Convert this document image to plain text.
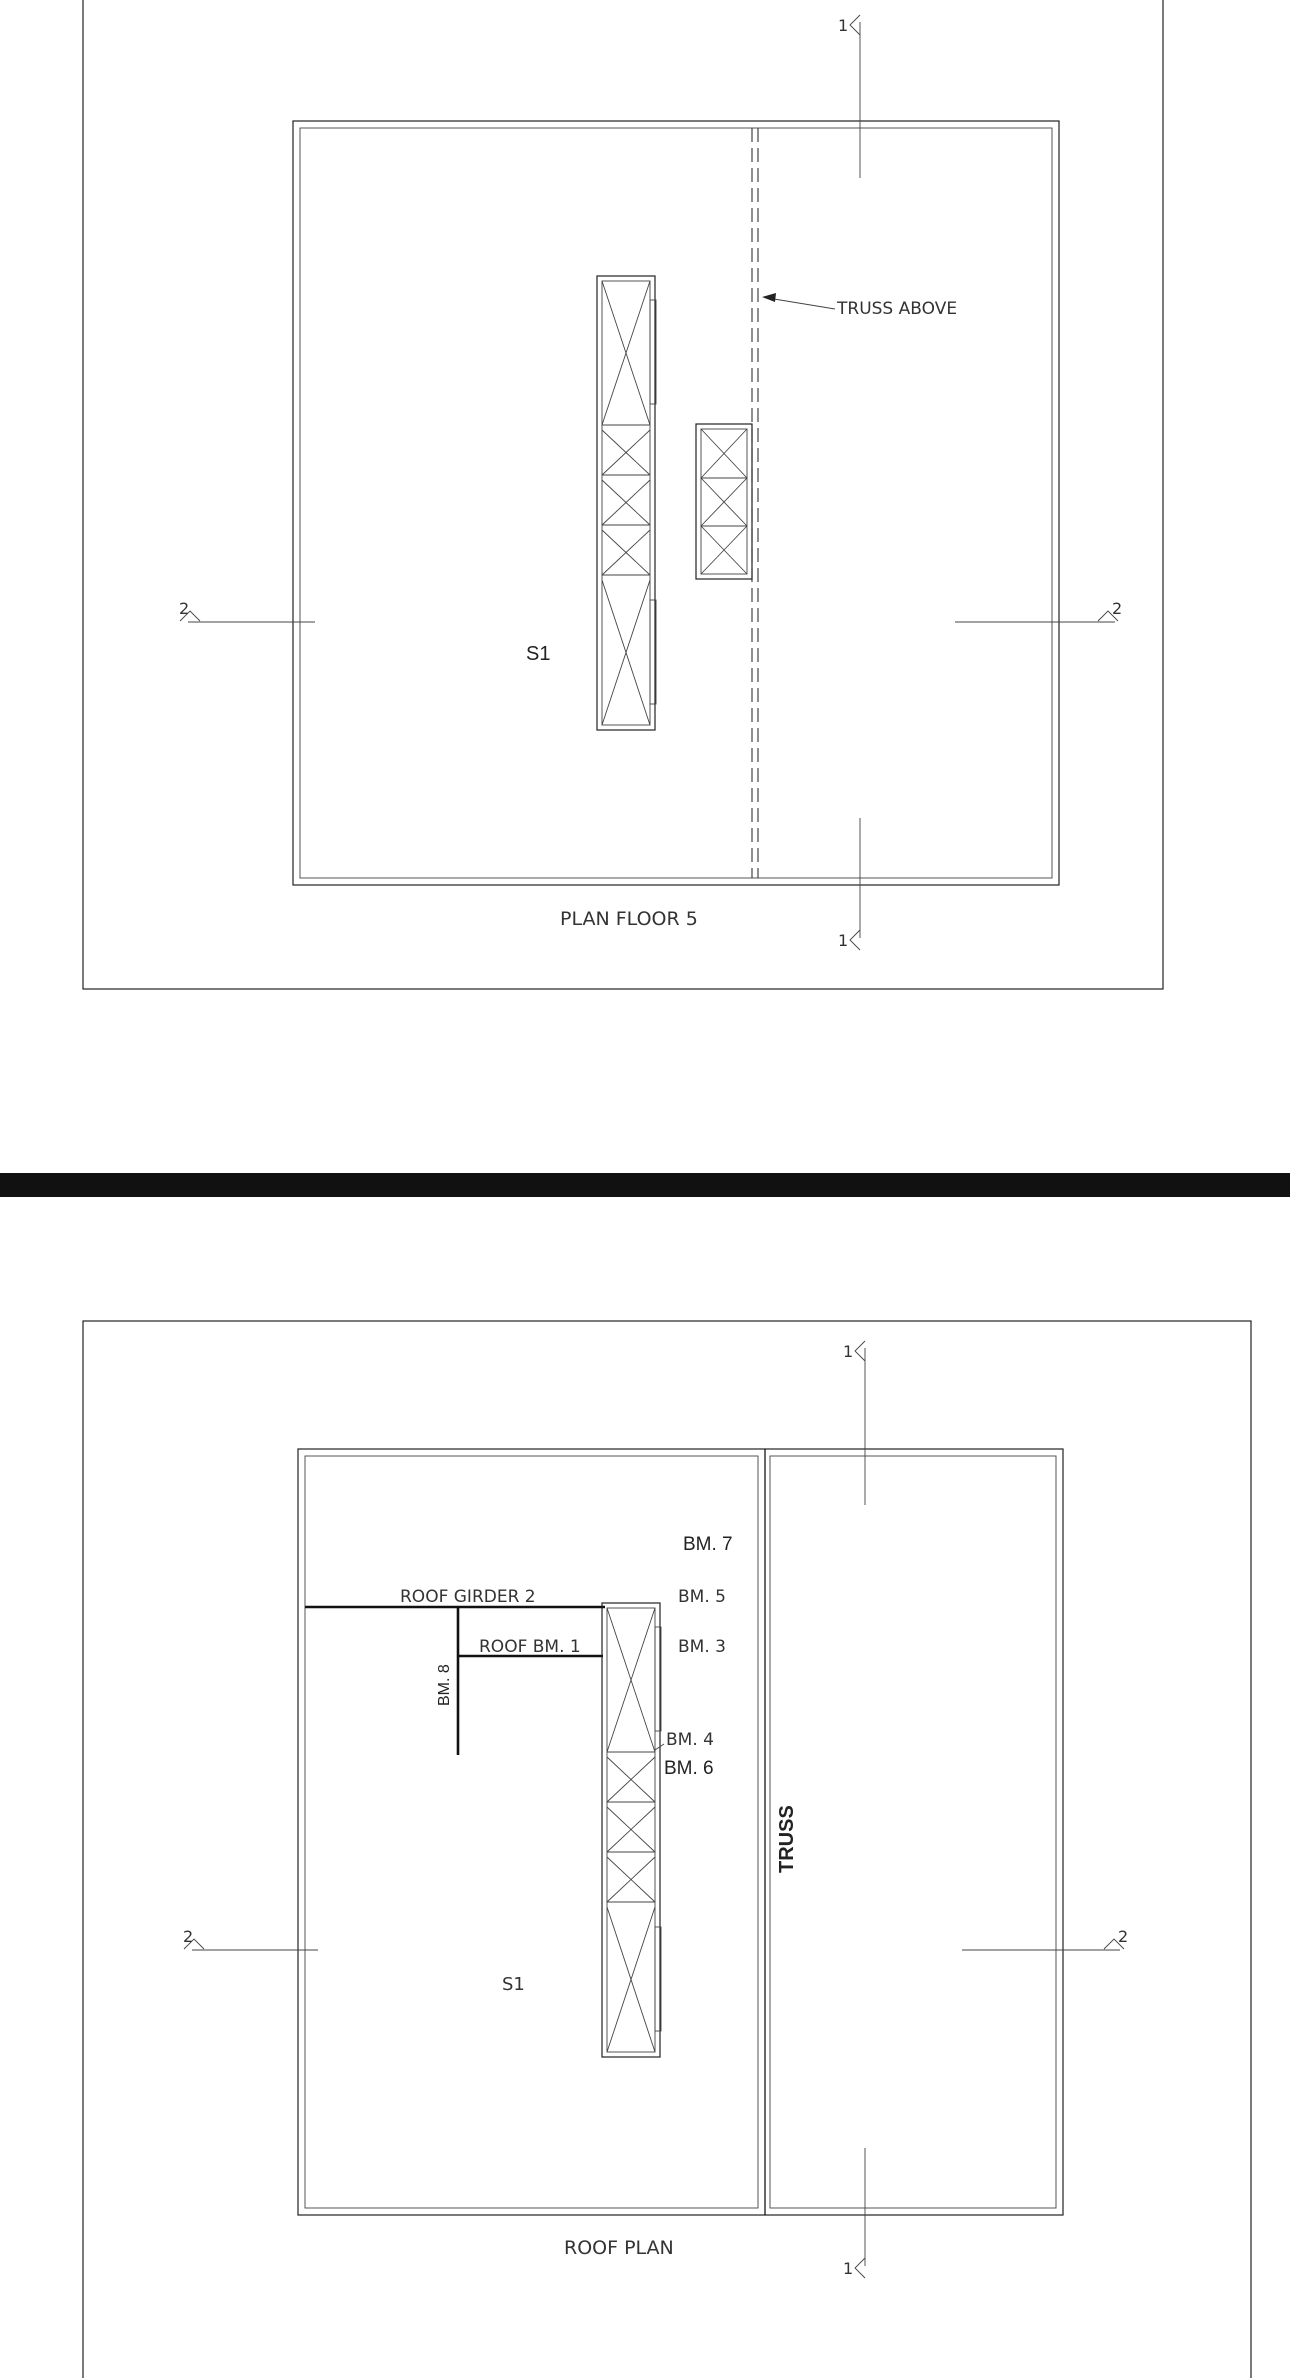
1
1
2	2
TRUSS ABOVE
S1
PLAN FLOOR 5
1
1
2	2
ROOF GIRDER 2
ROOF BM. 1
BM. 7
BM. 5
BM. 3
BM. 4
BM. 6
BM. 8
TRUSS
S1
ROOF PLAN
